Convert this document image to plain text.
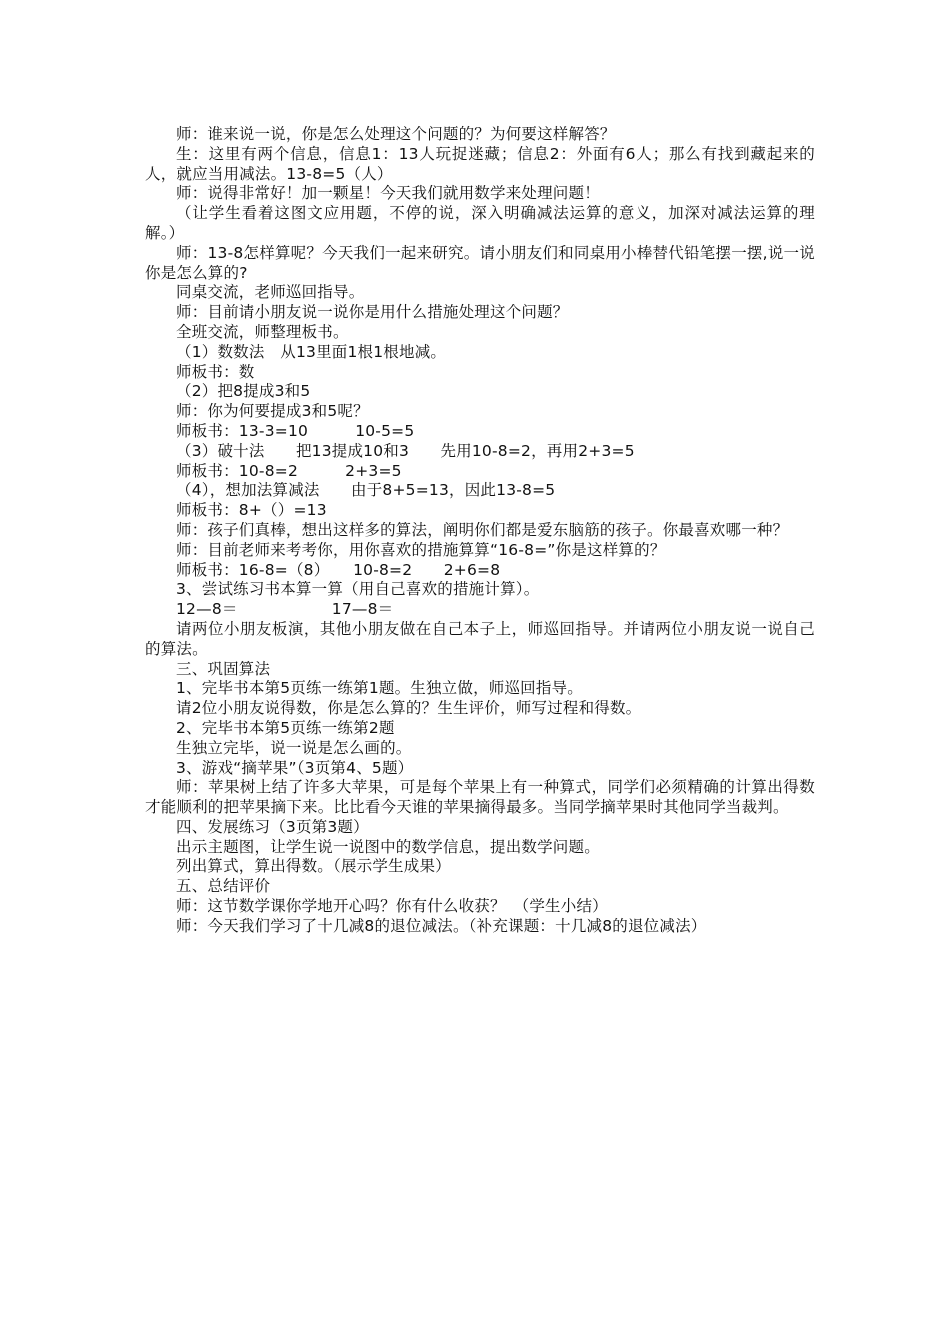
师：谁来说一说，你是怎么处理这个问题的？为何要这样解答？

生：这里有两个信息，信息1：13人玩捉迷藏；信息2：外面有6人；那么有找到藏起来的人，就应当用减法。13-8=5（人）

师：说得非常好！加一颗星！今天我们就用数学来处理问题！

（让学生看着这图文应用题，不停的说，深入明确减法运算的意义，加深对减法运算的理解。）

师：13-8怎样算呢？今天我们一起来研究。请小朋友们和同桌用小棒替代铅笔摆一摆,说一说你是怎么算的?

同桌交流，老师巡回指导。

师：目前请小朋友说一说你是用什么措施处理这个问题？

全班交流，师整理板书。

（1）数数法　从13里面1根1根地减。

师板书：数

（2）把8提成3和5

师：你为何要提成3和5呢？

师板书：13-3=10　　　10-5=5

（3）破十法　　把13提成10和3　　先用10-8=2，再用2+3=5

师板书：10-8=2　　　2+3=5

（4），想加法算减法　　由于8+5=13，因此13-8=5

师板书：8+（）=13

师：孩子们真棒，想出这样多的算法，阐明你们都是爱东脑筋的孩子。你最喜欢哪一种？

师：目前老师来考考你，用你喜欢的措施算算“16-8=”你是这样算的？

师板书：16-8=（8）　　10-8=2　　2+6=8

3、尝试练习书本算一算（用自己喜欢的措施计算）。

12—8＝　　　　　　17—8＝

请两位小朋友板演，其他小朋友做在自己本子上，师巡回指导。并请两位小朋友说一说自己的算法。

三、巩固算法

1、完毕书本第5页练一练第1题。生独立做，师巡回指导。

请2位小朋友说得数，你是怎么算的？生生评价，师写过程和得数。

2、完毕书本第5页练一练第2题

生独立完毕，说一说是怎么画的。

3、游戏“摘苹果”（3页第4、5题）

师：苹果树上结了许多大苹果，可是每个苹果上有一种算式，同学们必须精确的计算出得数才能顺利的把苹果摘下来。比比看今天谁的苹果摘得最多。当同学摘苹果时其他同学当裁判。

四、发展练习（3页第3题）

出示主题图，让学生说一说图中的数学信息，提出数学问题。

列出算式，算出得数。（展示学生成果）

五、总结评价

师：这节数学课你学地开心吗？你有什么收获？　（学生小结）

师：今天我们学习了十几减8的退位减法。（补充课题：十几减8的退位减法）
